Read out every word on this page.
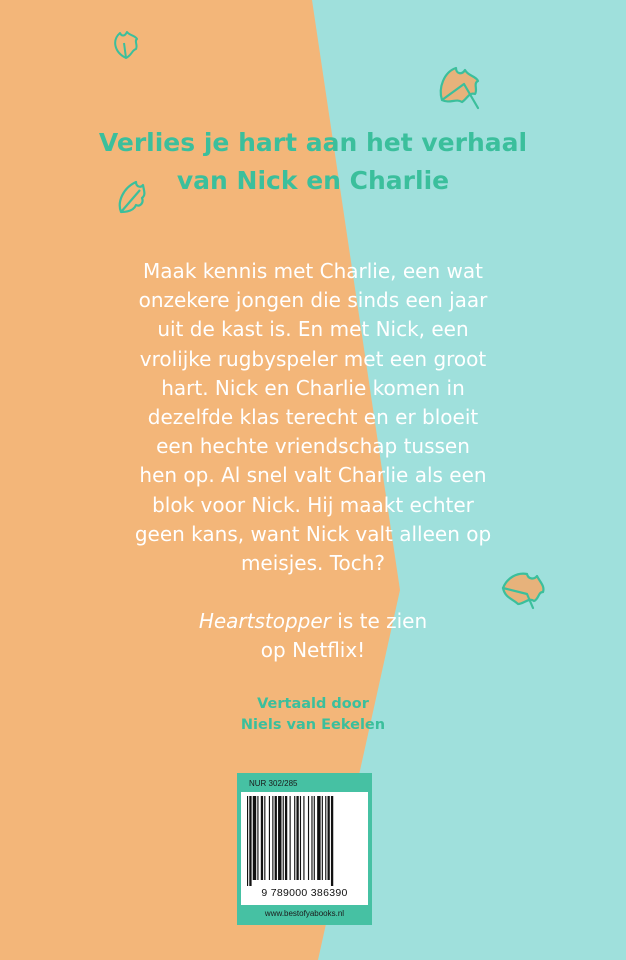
Verlies je hart aan het verhaal
van Nick en Charlie
Maak kennis met Charlie, een wat
onzekere jongen die sinds een jaar
uit de kast is. En met Nick, een
vrolijke rugbyspeler met een groot
hart. Nick en Charlie komen in
dezelfde klas terecht en er bloeit
een hechte vriendschap tussen
hen op. Al snel valt Charlie als een
blok voor Nick. Hij maakt echter
geen kans, want Nick valt alleen op
meisjes. Toch?
Heartstopper is te zien
op Netflix!
Vertaald door
Niels van Eekelen
NUR 302/285
9 789000 386390
www.bestofyabooks.nl
